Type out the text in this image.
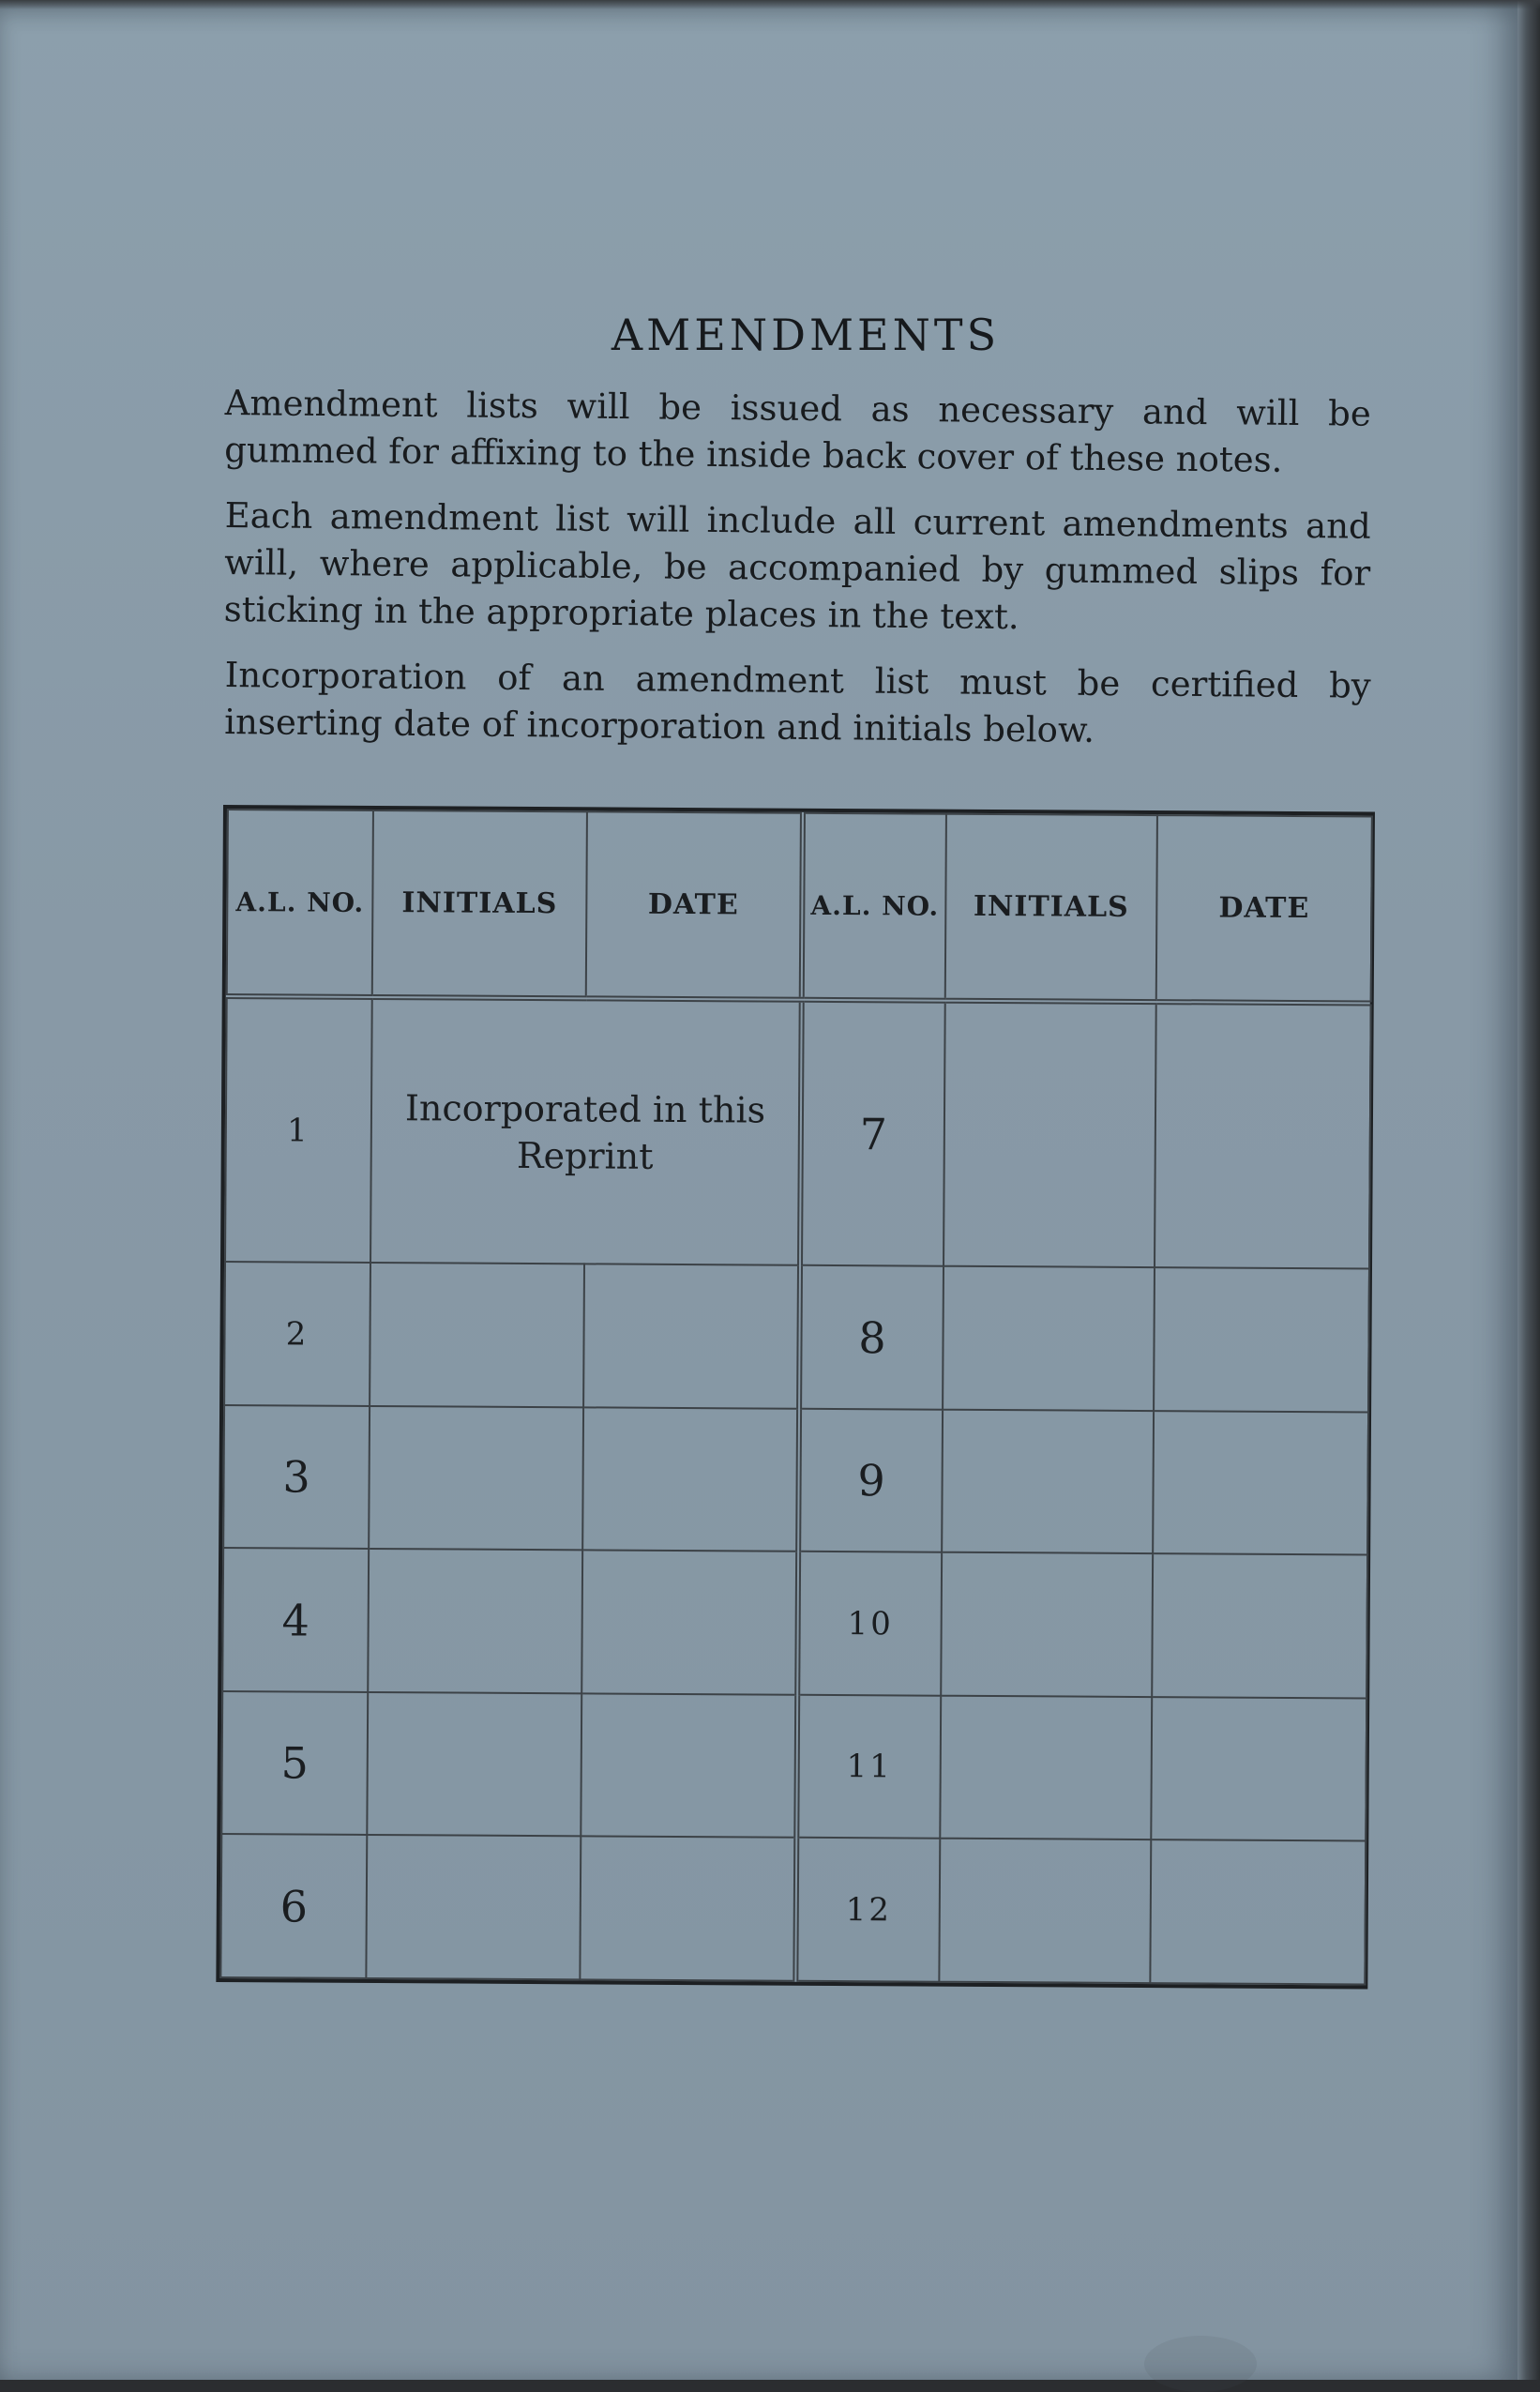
AMENDMENTS
Amendment lists will be issued as necessary and will be gummed for affixing to the inside back cover of these notes.
Each amendment list will include all current amendments and will, where applicable, be accompanied by gummed slips for sticking in the appropriate places in the text.
Incorporation of an amendment list must be certified by inserting date of incorporation and initials below.
A.L. NO.	INITIALS	DATE	A.L. NO.	INITIALS	DATE
1	Incorporated in this Reprint		7		
2			8		
3			9		
4			10		
5			11		
6			12		
